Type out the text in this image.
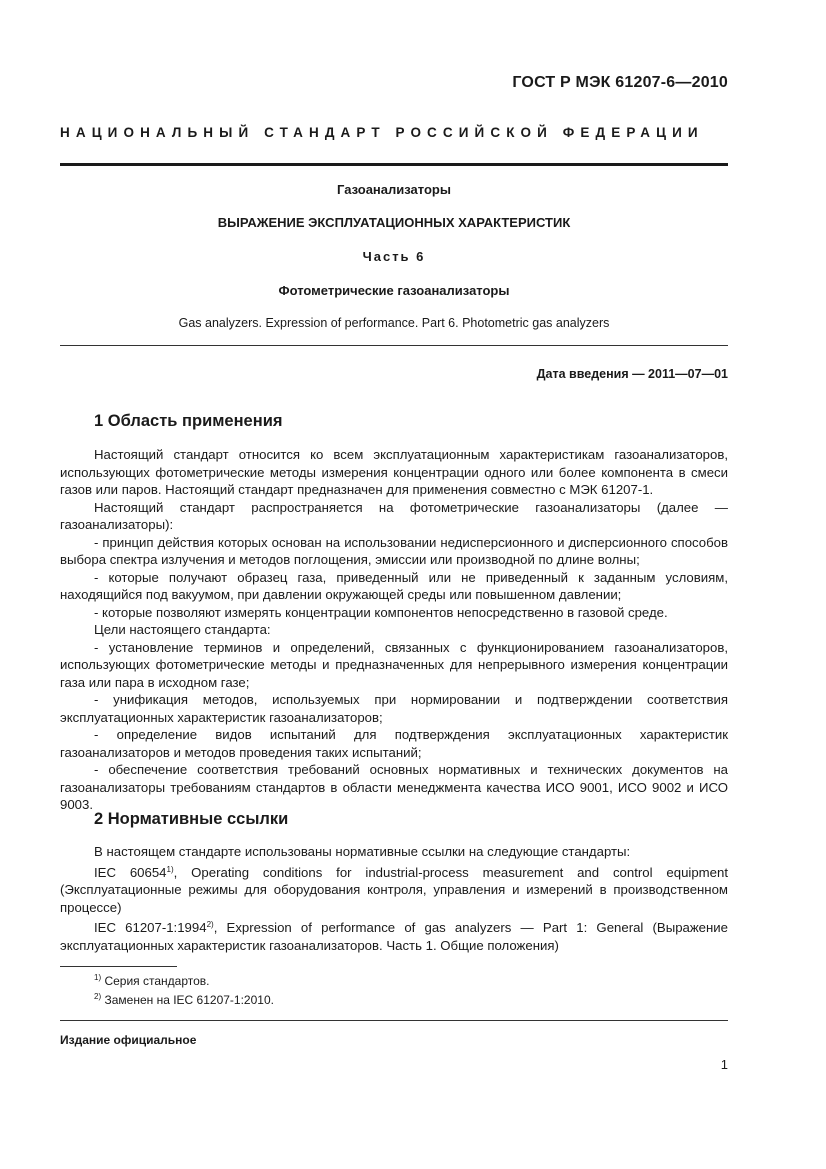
ГОСТ Р МЭК 61207-6—2010
НАЦИОНАЛЬНЫЙ СТАНДАРТ РОССИЙСКОЙ ФЕДЕРАЦИИ
Газоанализаторы
ВЫРАЖЕНИЕ ЭКСПЛУАТАЦИОННЫХ ХАРАКТЕРИСТИК
Часть 6
Фотометрические газоанализаторы
Gas analyzers. Expression of performance. Part 6. Photometric gas analyzers
Дата введения — 2011—07—01
1 Область применения

Настоящий стандарт относится ко всем эксплуатационным характеристикам газоанализаторов, использующих фотометрические методы измерения концентрации одного или более компонента в смеси газов или паров. Настоящий стандарт предназначен для применения совместно с МЭК 61207-1.

Настоящий стандарт распространяется на фотометрические газоанализаторы (далее — газоанализаторы):

- принцип действия которых основан на использовании недисперсионного и дисперсионного способов выбора спектра излучения и методов поглощения, эмиссии или производной по длине волны;

- которые получают образец газа, приведенный или не приведенный к заданным условиям, находящийся под вакуумом, при давлении окружающей среды или повышенном давлении;

- которые позволяют измерять концентрации компонентов непосредственно в газовой среде.

Цели настоящего стандарта:

- установление терминов и определений, связанных с функционированием газоанализаторов, использующих фотометрические методы и предназначенных для непрерывного измерения концентрации газа или пара в исходном газе;

- унификация методов, используемых при нормировании и подтверждении соответствия эксплуатационных характеристик газоанализаторов;

- определение видов испытаний для подтверждения эксплуатационных характеристик газоанализаторов и методов проведения таких испытаний;

- обеспечение соответствия требований основных нормативных и технических документов на газоанализаторы требованиям стандартов в области менеджмента качества ИСО 9001, ИСО 9002 и ИСО 9003.

2 Нормативные ссылки

В настоящем стандарте использованы нормативные ссылки на следующие стандарты:

IEC 60654$^{1)}$, Operating conditions for industrial-process measurement and control equipment (Эксплуатационные режимы для оборудования контроля, управления и измерений в производственном процессе)

IEC 61207-1:1994$^{2)}$, Expression of performance of gas analyzers — Part 1: General (Выражение эксплуатационных характеристик газоанализаторов. Часть 1. Общие положения)

$^{1)}$ Серия стандартов.
$^{2)}$ Заменен на IEC 61207-1:2010.
Издание официальное
1
